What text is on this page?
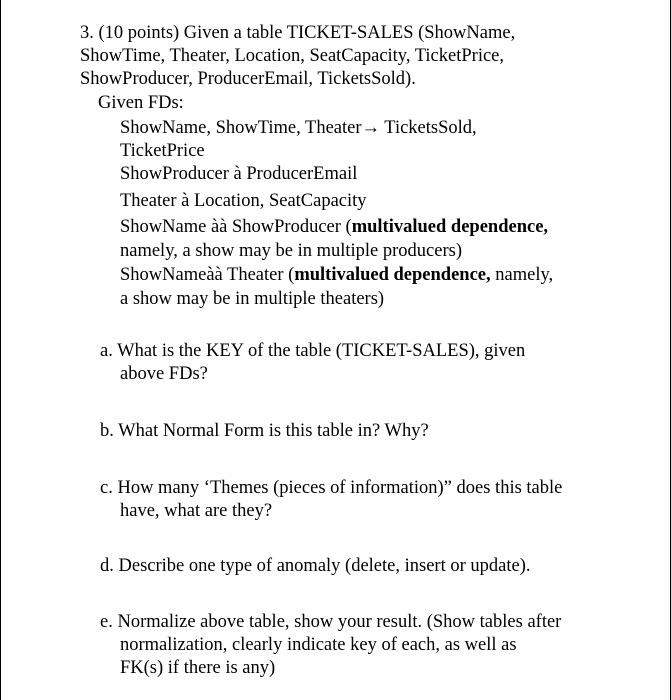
3. (10 points) Given a table TICKET-SALES (ShowName,
ShowTime, Theater, Location, SeatCapacity, TicketPrice,
ShowProducer, ProducerEmail, TicketsSold).
Given FDs:
ShowName, ShowTime, Theater→ TicketsSold,
TicketPrice
ShowProducer à ProducerEmail
Theater à Location, SeatCapacity
ShowName àà ShowProducer (multivalued dependence,
namely, a show may be in multiple producers)
ShowNameàà Theater (multivalued dependence, namely,
a show may be in multiple theaters)
a. What is the KEY of the table (TICKET-SALES), given
above FDs?
b. What Normal Form is this table in? Why?
c. How many ‘Themes (pieces of information)” does this table
have, what are they?
d. Describe one type of anomaly (delete, insert or update).
e. Normalize above table, show your result. (Show tables after
normalization, clearly indicate key of each, as well as
FK(s) if there is any)
